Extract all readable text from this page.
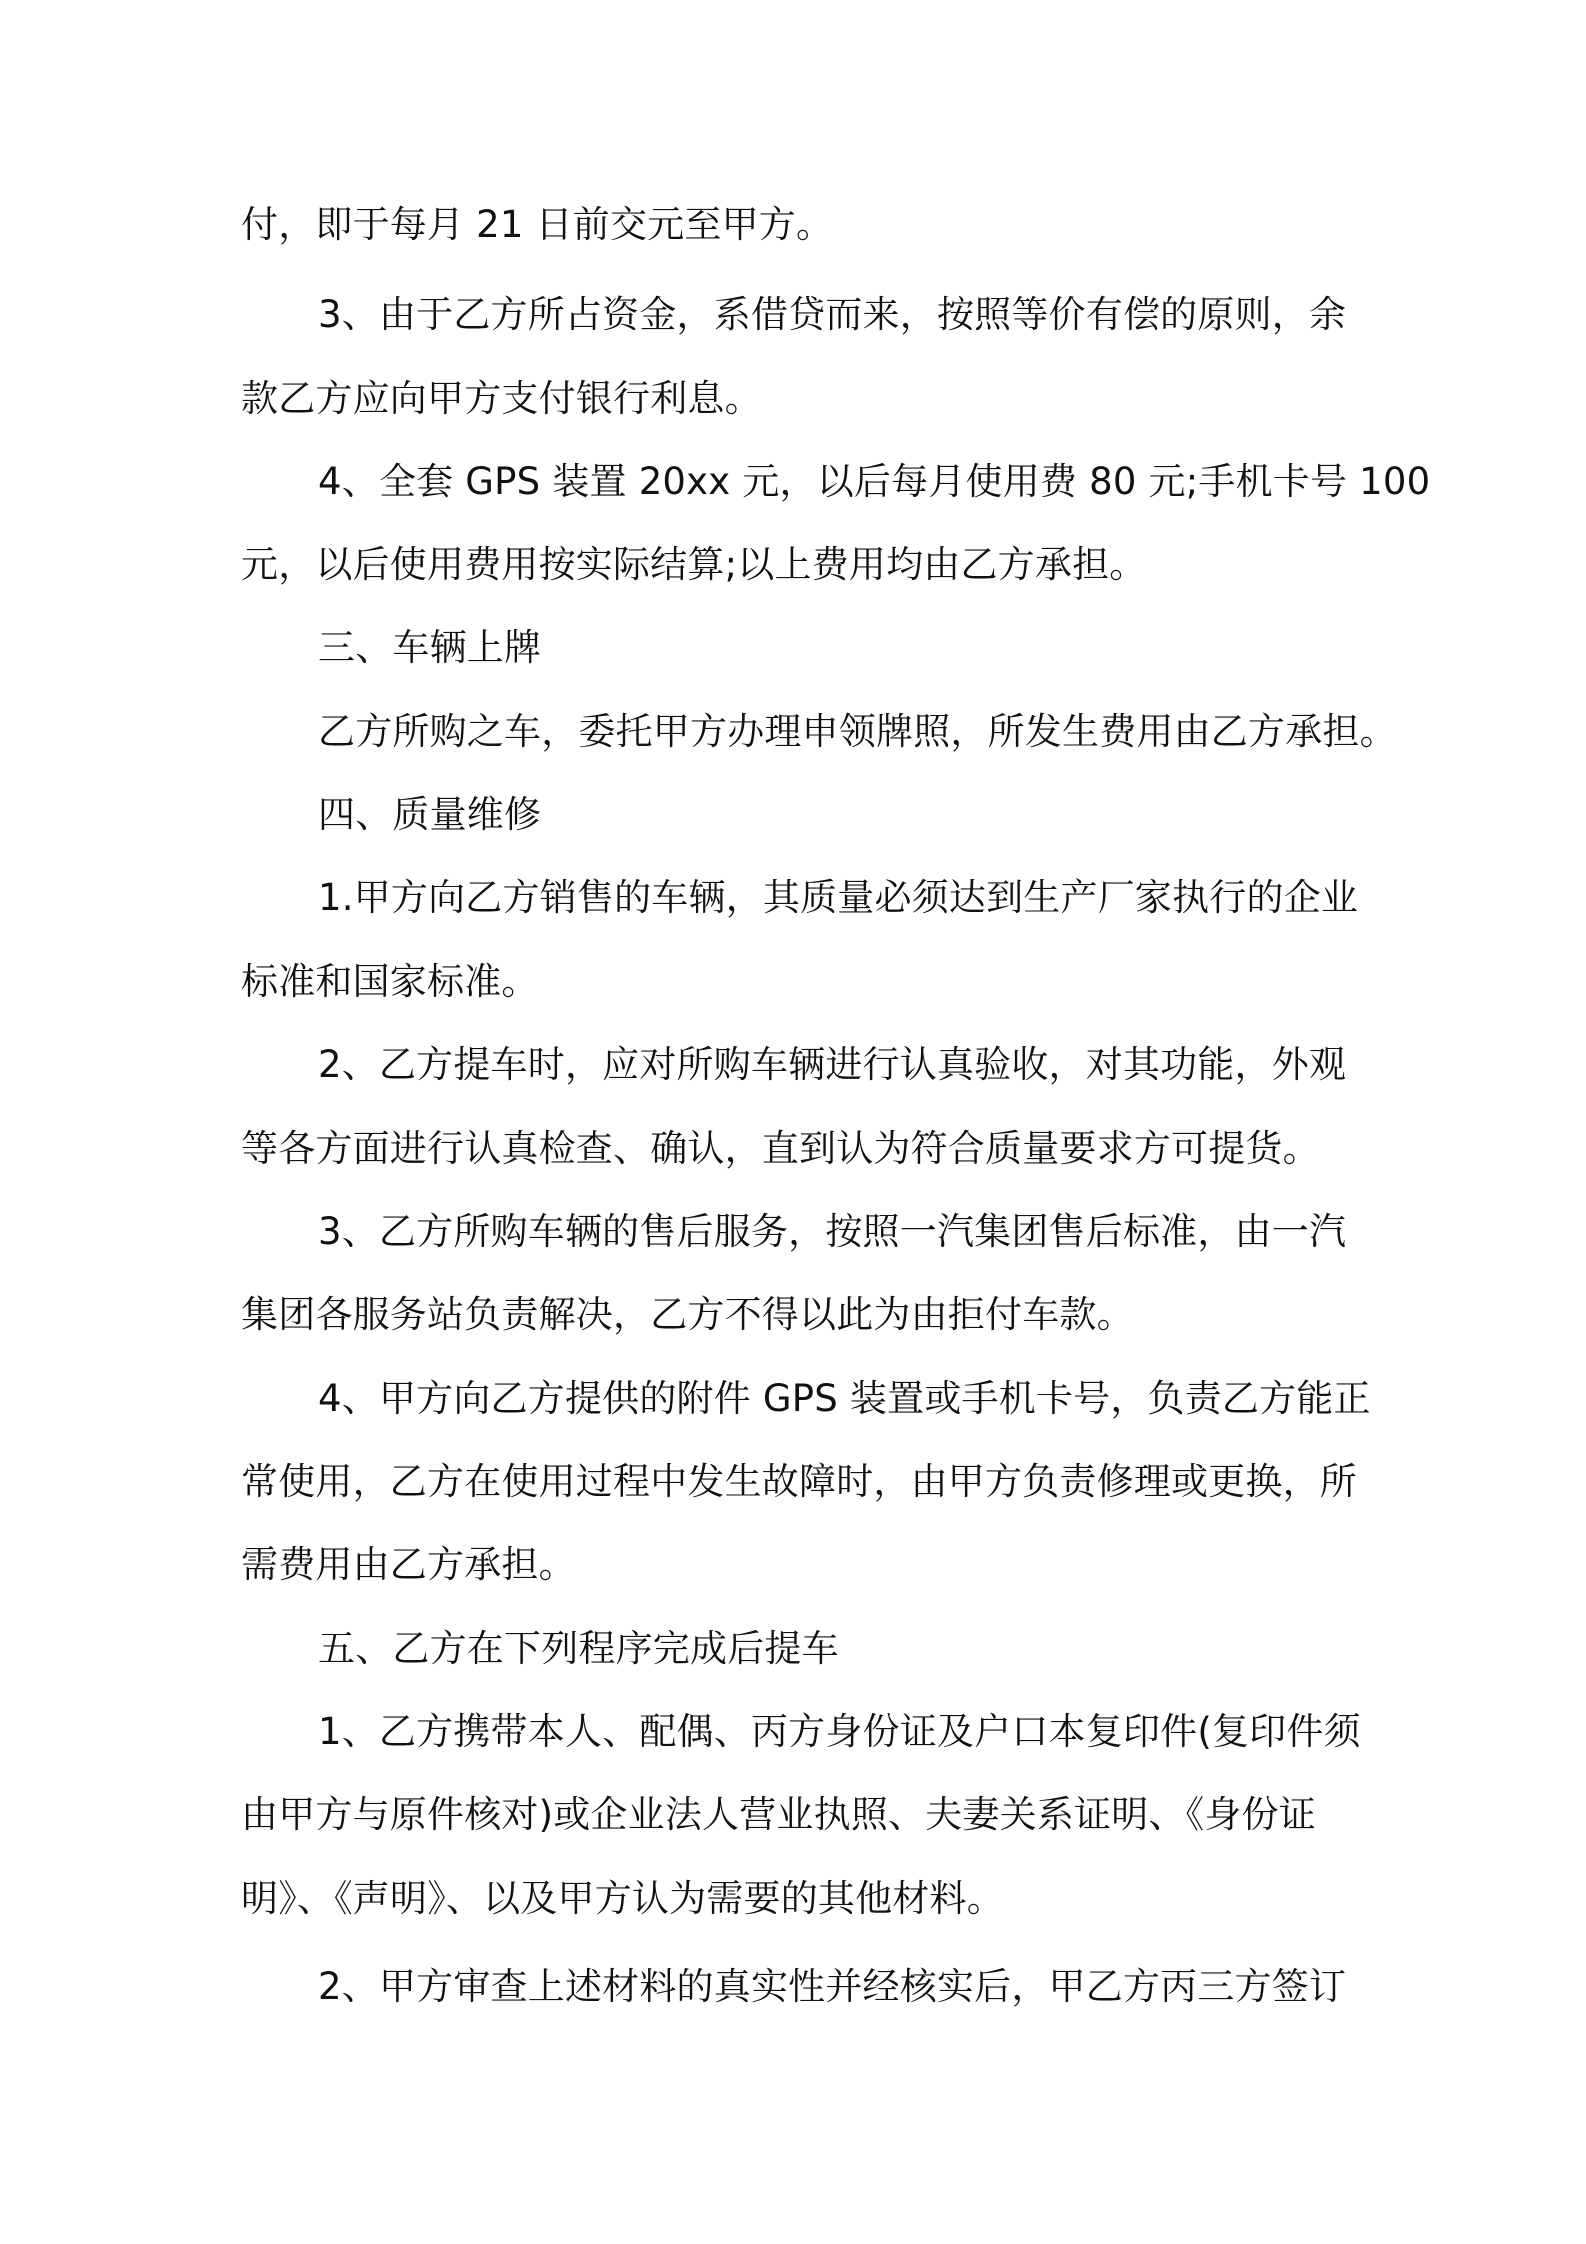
付，即于每月 21 日前交元至甲方。
3、由于乙方所占资金，系借贷而来，按照等价有偿的原则，余
款乙方应向甲方支付银行利息。
4、全套 GPS 装置 20xx 元，以后每月使用费 80 元;手机卡号 100
元，以后使用费用按实际结算;以上费用均由乙方承担。
三、车辆上牌
乙方所购之车，委托甲方办理申领牌照，所发生费用由乙方承担。
四、质量维修
1.甲方向乙方销售的车辆，其质量必须达到生产厂家执行的企业
标准和国家标准。
2、乙方提车时，应对所购车辆进行认真验收，对其功能，外观
等各方面进行认真检查、确认，直到认为符合质量要求方可提货。
3、乙方所购车辆的售后服务，按照一汽集团售后标准，由一汽
集团各服务站负责解决，乙方不得以此为由拒付车款。
4、甲方向乙方提供的附件 GPS 装置或手机卡号，负责乙方能正
常使用，乙方在使用过程中发生故障时，由甲方负责修理或更换，所
需费用由乙方承担。
五、乙方在下列程序完成后提车
1、乙方携带本人、配偶、丙方身份证及户口本复印件(复印件须
由甲方与原件核对)或企业法人营业执照、夫妻关系证明、《身份证
明》、《声明》、以及甲方认为需要的其他材料。
2、甲方审查上述材料的真实性并经核实后，甲乙方丙三方签订
